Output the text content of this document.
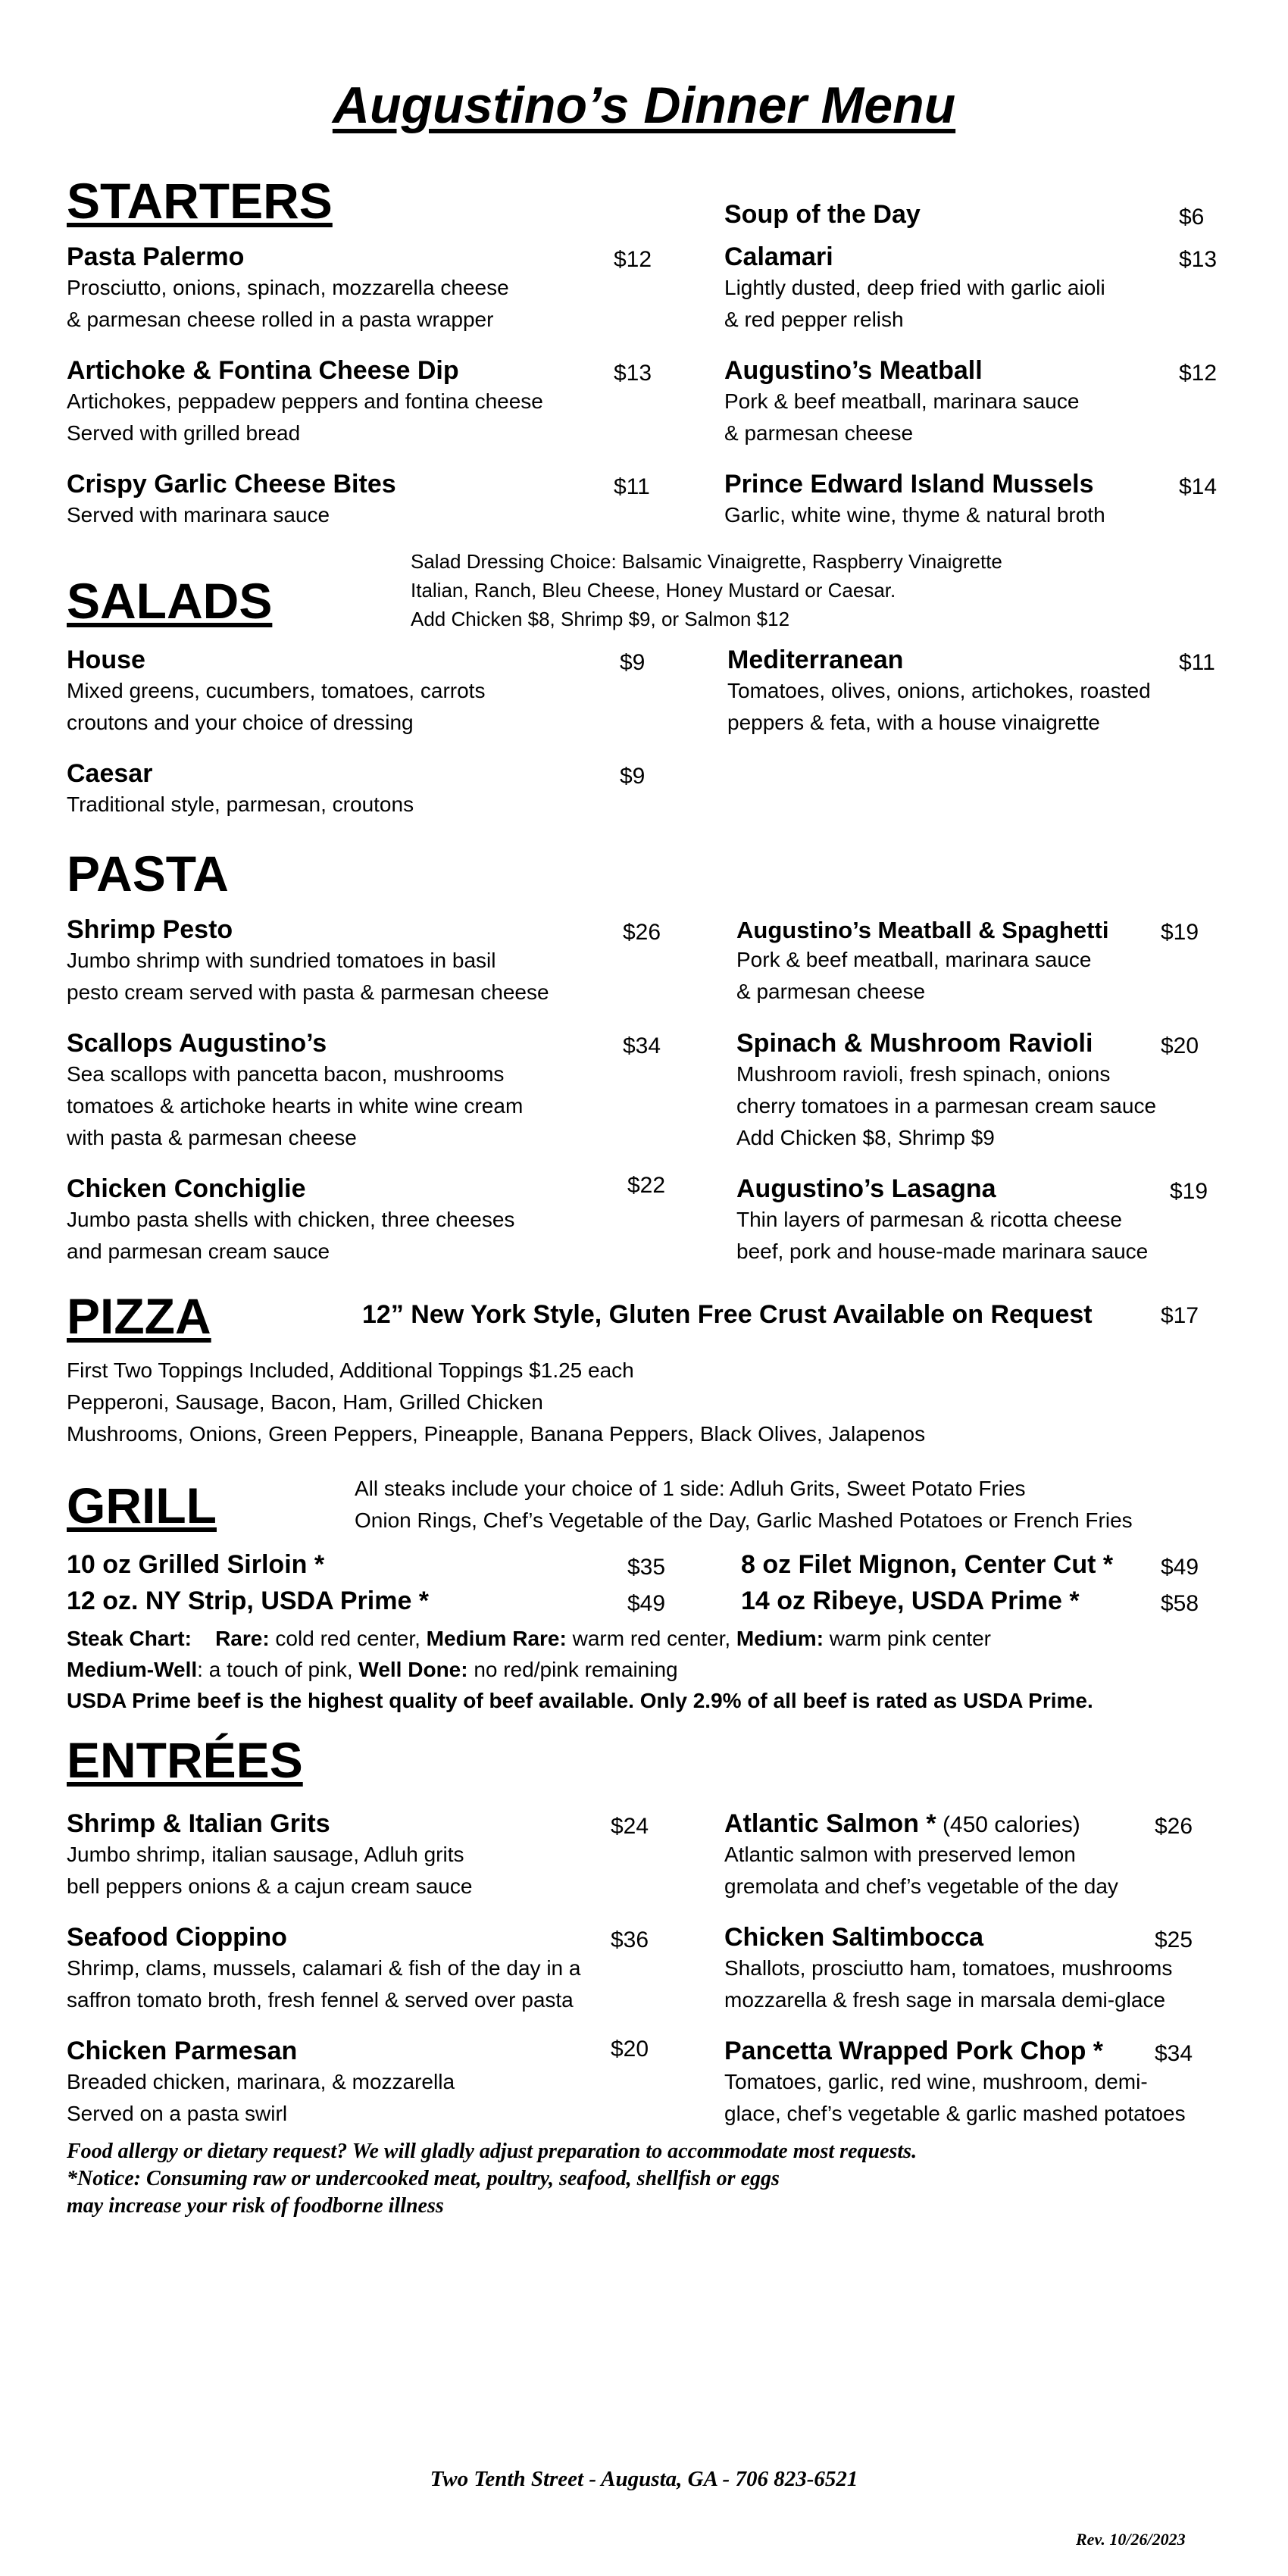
Augustino’s Dinner Menu
STARTERS
Pasta Palermo
Prosciutto, onions, spinach, mozzarella cheese
& parmesan cheese rolled in a pasta wrapper
$12
Artichoke & Fontina Cheese Dip
Artichokes, peppadew peppers and fontina cheese
Served with grilled bread
$13
Crispy Garlic Cheese Bites
Served with marinara sauce
$11
Soup of the Day	$6
Calamari
Lightly dusted, deep fried with garlic aioli
& red pepper relish
$13
Augustino’s Meatball
Pork & beef meatball, marinara sauce
& parmesan cheese
$12
Prince Edward Island Mussels
Garlic, white wine, thyme & natural broth
$14
SALADS
Salad Dressing Choice: Balsamic Vinaigrette, Raspberry Vinaigrette
Italian, Ranch, Bleu Cheese, Honey Mustard or Caesar.
Add Chicken $8, Shrimp $9, or Salmon $12
House
Mixed greens, cucumbers, tomatoes, carrots
croutons and your choice of dressing
$9
Caesar
Traditional style, parmesan, croutons
$9
Mediterranean
Tomatoes, olives, onions, artichokes, roasted
peppers & feta, with a house vinaigrette
$11
PASTA
Shrimp Pesto
Jumbo shrimp with sundried tomatoes in basil
pesto cream served with pasta & parmesan cheese
$26
Scallops Augustino’s
Sea scallops with pancetta bacon, mushrooms
tomatoes & artichoke hearts in white wine cream
with pasta & parmesan cheese
$34
Chicken Conchiglie
Jumbo pasta shells with chicken, three cheeses
and parmesan cream sauce
$22
Augustino’s Meatball & Spaghetti
Pork & beef meatball, marinara sauce
& parmesan cheese
$19
Spinach & Mushroom Ravioli
Mushroom ravioli, fresh spinach, onions
cherry tomatoes in a parmesan cream sauce
Add Chicken $8, Shrimp $9
$20
Augustino’s Lasagna
Thin layers of parmesan & ricotta cheese
beef, pork and house-made marinara sauce
$19
PIZZA	12” New York Style, Gluten Free Crust Available on Request	$17
First Two Toppings Included, Additional Toppings $1.25 each
Pepperoni, Sausage, Bacon, Ham, Grilled Chicken
Mushrooms, Onions, Green Peppers, Pineapple, Banana Peppers, Black Olives, Jalapenos
GRILL	All steaks include your choice of 1 side: Adluh Grits, Sweet Potato Fries
Onion Rings, Chef’s Vegetable of the Day, Garlic Mashed Potatoes or French Fries
10 oz Grilled Sirloin *	$35
12 oz. NY Strip, USDA Prime *	$49
8 oz Filet Mignon, Center Cut * $49
14 oz Ribeye, USDA Prime *	$58
Steak Chart: Rare: cold red center, Medium Rare: warm red center, Medium: warm pink center
Medium-Well: a touch of pink, Well Done: no red/pink remaining
USDA Prime beef is the highest quality of beef available. Only 2.9% of all beef is rated as USDA Prime.
ENTRÉES
Shrimp & Italian Grits
Jumbo shrimp, italian sausage, Adluh grits
bell peppers onions & a cajun cream sauce
$24
Seafood Cioppino
Shrimp, clams, mussels, calamari & fish of the day in a
saffron tomato broth, fresh fennel & served over pasta
$36
Chicken Parmesan
Breaded chicken, marinara, & mozzarella
Served on a pasta swirl
$20
Atlantic Salmon * (450 calories)
Atlantic salmon with preserved lemon
gremolata and chef’s vegetable of the day
$26
Chicken Saltimbocca
Shallots, prosciutto ham, tomatoes, mushrooms
mozzarella & fresh sage in marsala demi-glace
$25
Pancetta Wrapped Pork Chop *
Tomatoes, garlic, red wine, mushroom, demi-
glace, chef’s vegetable & garlic mashed potatoes
$34
Food allergy or dietary request? We will gladly adjust preparation to accommodate most requests.
*Notice: Consuming raw or undercooked meat, poultry, seafood, shellfish or eggs
may increase your risk of foodborne illness
Two Tenth Street - Augusta, GA - 706 823-6521
Rev. 10/26/2023
